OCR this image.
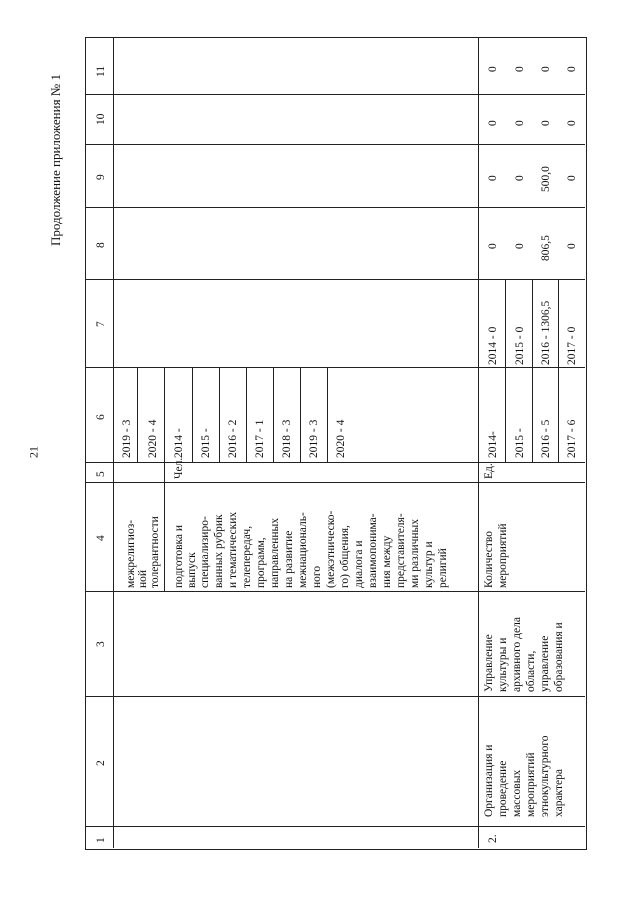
21
Продолжение приложения № 1
1
2
3
4
5
6
7
8
9
10
11
межрелигиоз- ной толерантности
2019 - 3 2020 - 4
подготовка и выпуск специализиро- ванных рубрик и тематических телепередач, программ, направленных на развитие межнациональ- ного (межэтническо- го) общения, диалога и взаимопонима- ния между представителя- ми различных культур и религий
Чел.
2014 - 2015 - 2016 - 2 2017 - 1 2018 - 3 2019 - 3 2020 - 4
2.
Организация и проведение массовых мероприятий этнокультурного характера
Управление культуры и архивного дела области, управление образования и
Количество мероприятий
Ед.
2014- 2015 - 2016 - 5 2017 - 6
2014 - 0 2015 - 0 2016 - 1306,5 2017 - 0
0 0 806,5 0
0 0 500,0 0
0 0 0 0
0 0 0 0
